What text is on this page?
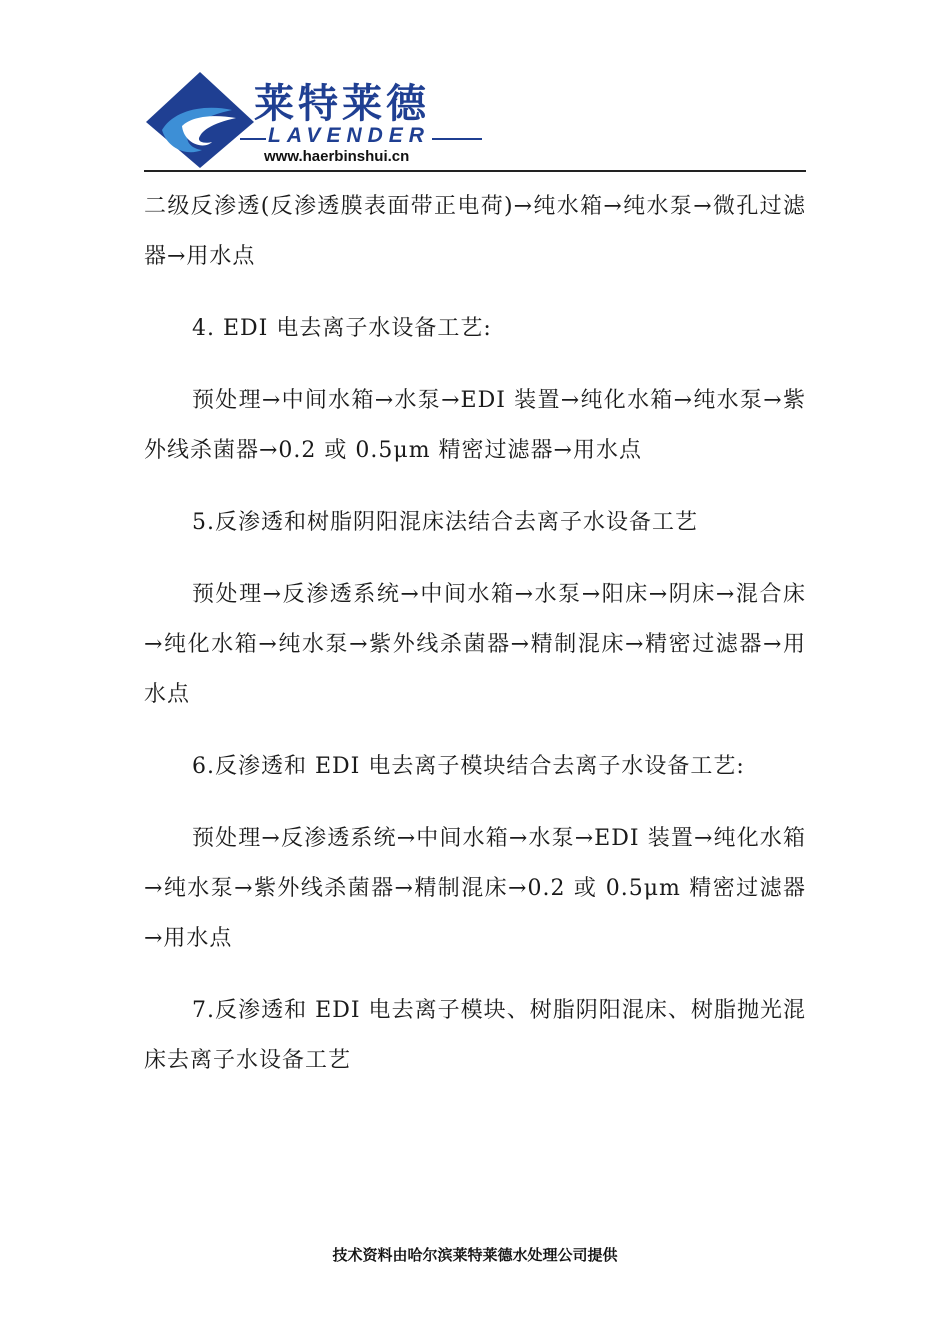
莱特莱德
LAVENDER
www.haerbinshui.cn

二级反渗透(反渗透膜表面带正电荷)→纯水箱→纯水泵→微孔过滤器→用水点

4. EDI 电去离子水设备工艺:

预处理→中间水箱→水泵→EDI 装置→纯化水箱→纯水泵→紫外线杀菌器→0.2 或 0.5μm 精密过滤器→用水点

5.反渗透和树脂阴阳混床法结合去离子水设备工艺

预处理→反渗透系统→中间水箱→水泵→阳床→阴床→混合床→纯化水箱→纯水泵→紫外线杀菌器→精制混床→精密过滤器→用水点

6.反渗透和 EDI 电去离子模块结合去离子水设备工艺:

预处理→反渗透系统→中间水箱→水泵→EDI 装置→纯化水箱→纯水泵→紫外线杀菌器→精制混床→0.2 或 0.5μm 精密过滤器→用水点

7.反渗透和 EDI 电去离子模块、树脂阴阳混床、树脂抛光混床去离子水设备工艺

技术资料由哈尔滨莱特莱德水处理公司提供
